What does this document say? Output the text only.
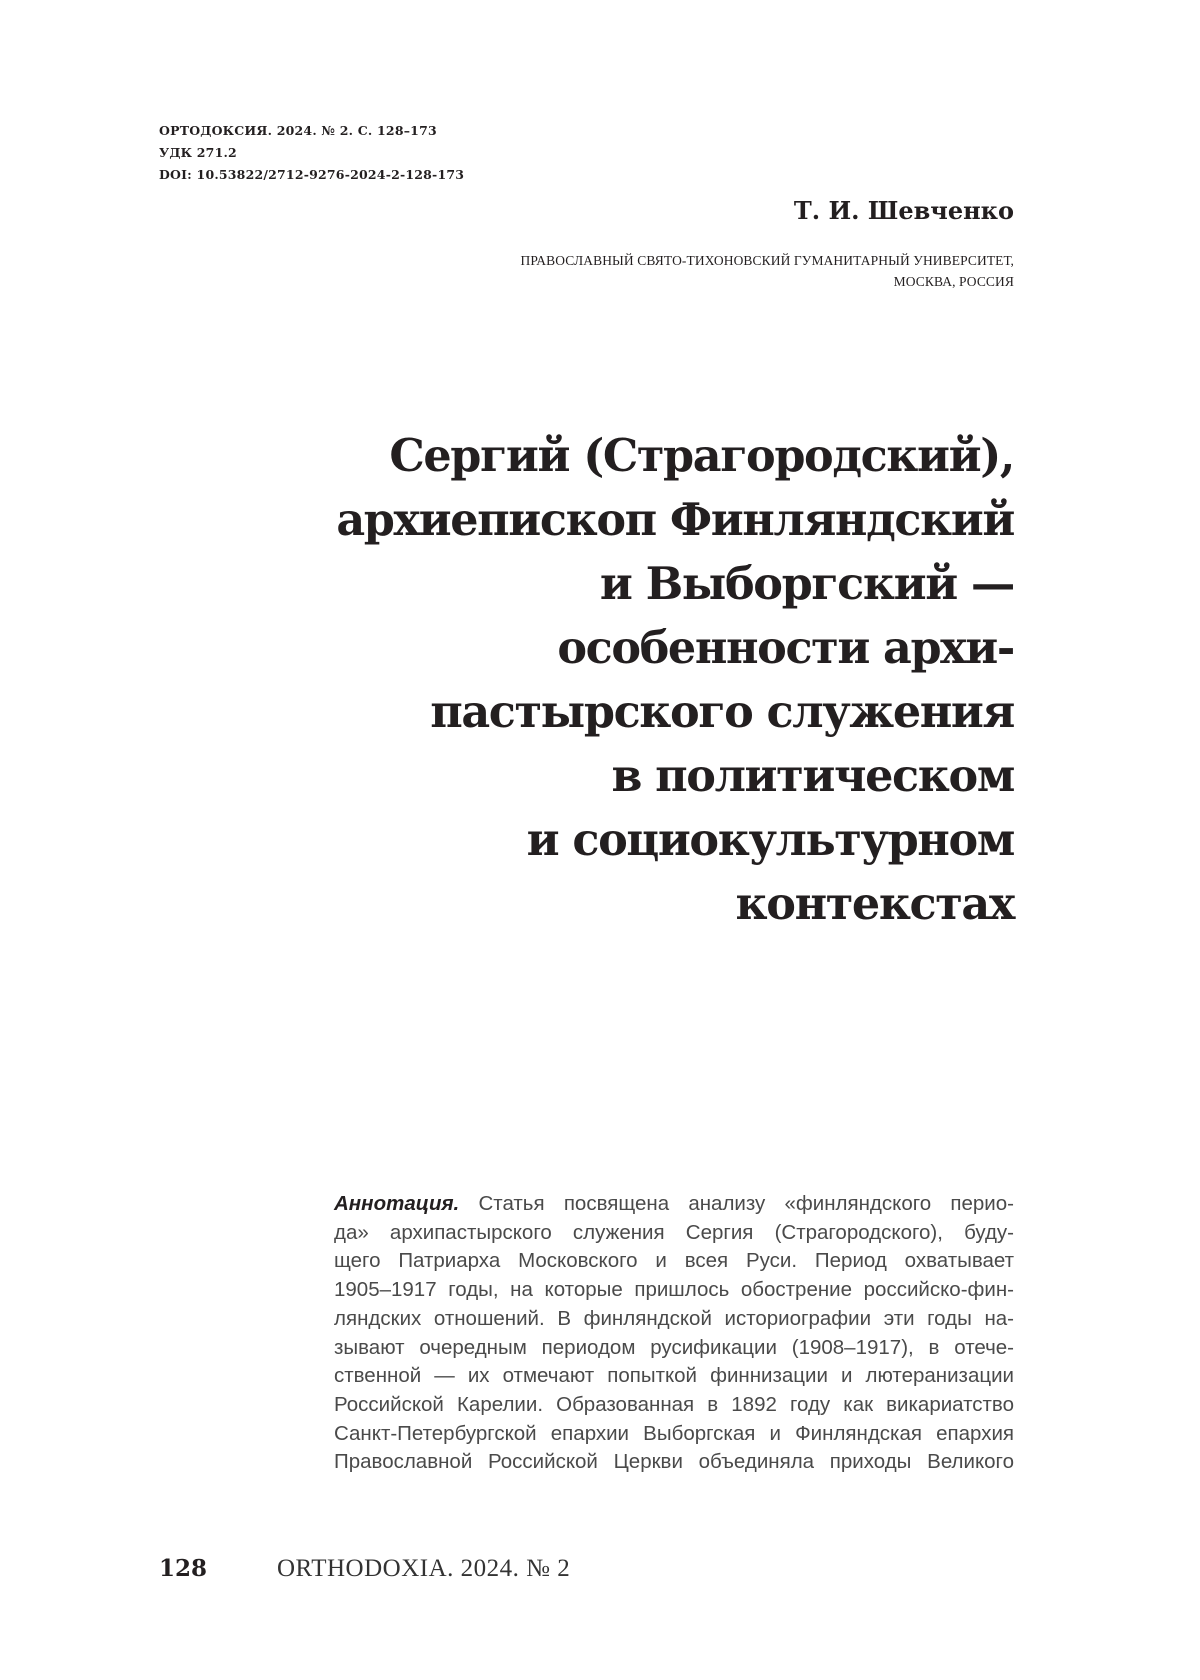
ОРТОДОКСИЯ. 2024. № 2. С. 128–173
УДК 271.2
DOI: 10.53822/2712-9276-2024-2-128-173
Т. И. Шевченко
ПРАВОСЛАВНЫЙ СВЯТО-ТИХОНОВСКИЙ ГУМАНИТАРНЫЙ УНИВЕРСИТЕТ,
МОСКВА, РОССИЯ
Сергий (Страгородский),
архиепископ Финляндский
и Выборгский —
особенности архи-
пастырского служения
в политическом
и социокультурном
контекстах
Аннотация. Статья посвящена анализу «финляндского перио-
да» архипастырского служения Сергия (Страгородского), буду-
щего Патриарха Московского и всея Руси. Период охватывает
1905–1917 годы, на которые пришлось обострение российско-фин-
ляндских отношений. В финляндской историографии эти годы на-
зывают очередным периодом русификации (1908–1917), в отече-
ственной — их отмечают попыткой финнизации и лютеранизации
Российской Карелии. Образованная в 1892 году как викариатство
Санкт-Петербургской епархии Выборгская и Финляндская епархия
Православной Российской Церкви объединяла приходы Великого
128	ORTHODOXIA. 2024. № 2
